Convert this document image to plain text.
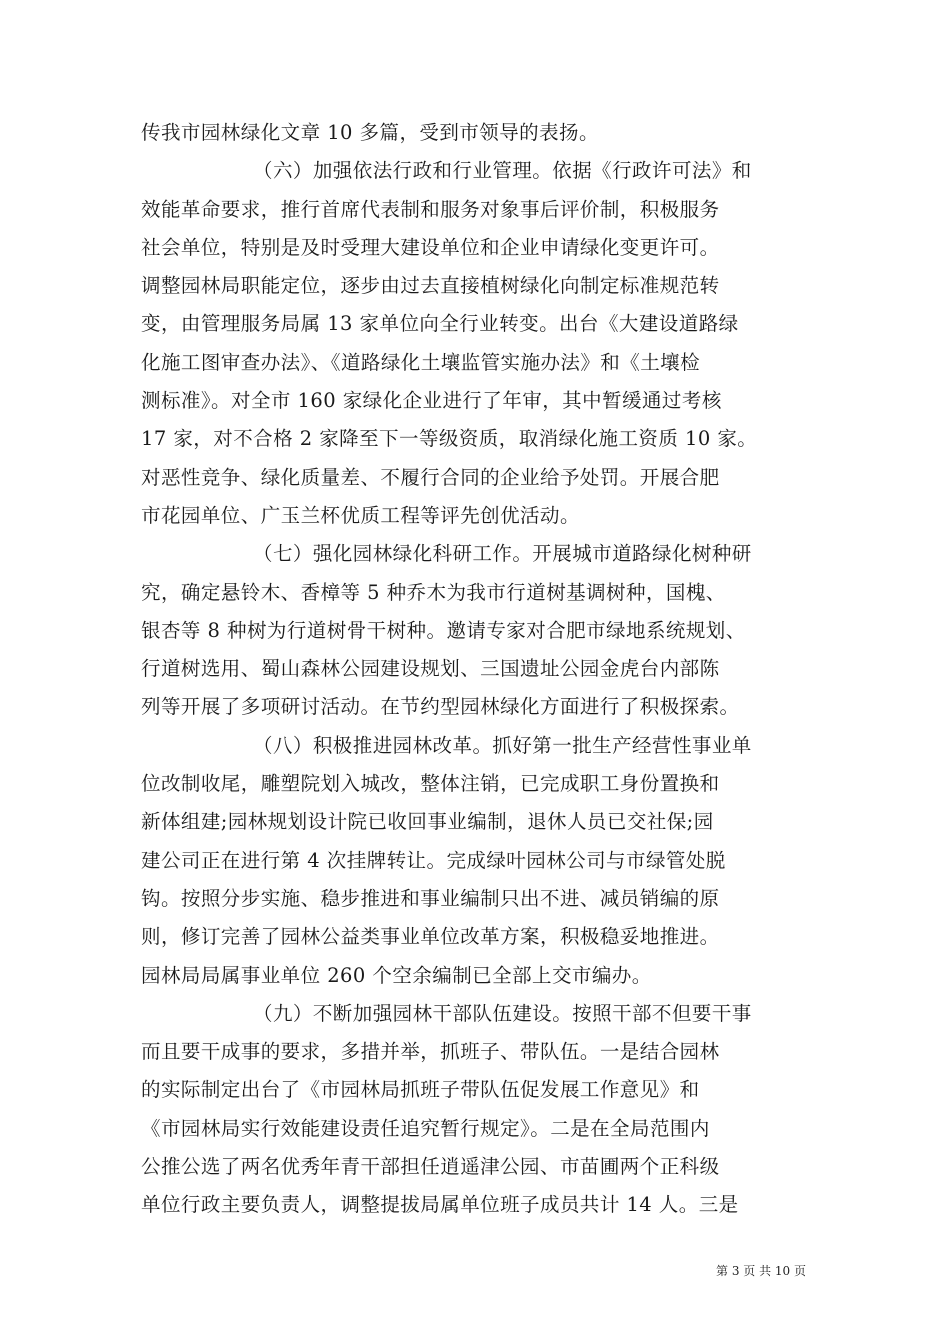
传我市园林绿化文章 10 多篇，受到市领导的表扬。
（六）加强依法行政和行业管理。依据《行政许可法》和
效能革命要求，推行首席代表制和服务对象事后评价制，积极服务
社会单位，特别是及时受理大建设单位和企业申请绿化变更许可。
调整园林局职能定位，逐步由过去直接植树绿化向制定标准规范转
变，由管理服务局属 13 家单位向全行业转变。出台《大建设道路绿
化施工图审查办法》、《道路绿化土壤监管实施办法》和《土壤检
测标准》。对全市 160 家绿化企业进行了年审，其中暂缓通过考核
17 家，对不合格 2 家降至下一等级资质，取消绿化施工资质 10 家。
对恶性竞争、绿化质量差、不履行合同的企业给予处罚。开展合肥
市花园单位、广玉兰杯优质工程等评先创优活动。
（七）强化园林绿化科研工作。开展城市道路绿化树种研
究，确定悬铃木、香樟等 5 种乔木为我市行道树基调树种，国槐、
银杏等 8 种树为行道树骨干树种。邀请专家对合肥市绿地系统规划、
行道树选用、蜀山森林公园建设规划、三国遗址公园金虎台内部陈
列等开展了多项研讨活动。在节约型园林绿化方面进行了积极探索。
（八）积极推进园林改革。抓好第一批生产经营性事业单
位改制收尾，雕塑院划入城改，整体注销，已完成职工身份置换和
新体组建;园林规划设计院已收回事业编制，退休人员已交社保;园
建公司正在进行第 4 次挂牌转让。完成绿叶园林公司与市绿管处脱
钩。按照分步实施、稳步推进和事业编制只出不进、减员销编的原
则，修订完善了园林公益类事业单位改革方案，积极稳妥地推进。
园林局局属事业单位 260 个空余编制已全部上交市编办。
（九）不断加强园林干部队伍建设。按照干部不但要干事
而且要干成事的要求，多措并举，抓班子、带队伍。一是结合园林
的实际制定出台了《市园林局抓班子带队伍促发展工作意见》和
《市园林局实行效能建设责任追究暂行规定》。二是在全局范围内
公推公选了两名优秀年青干部担任逍遥津公园、市苗圃两个正科级
单位行政主要负责人，调整提拔局属单位班子成员共计 14 人。三是
第 3 页 共 10 页
